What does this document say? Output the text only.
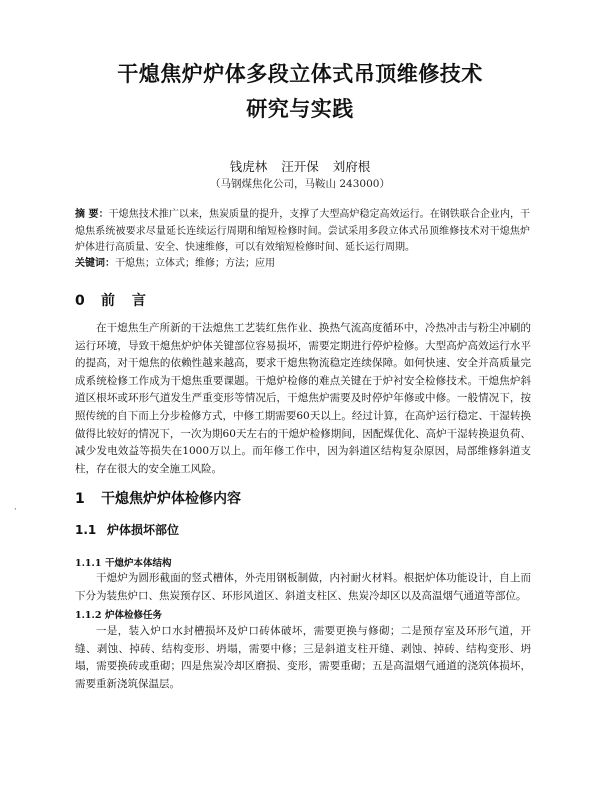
干熄焦炉炉体多段立体式吊顶维修技术
研究与实践
钱虎林 汪开保 刘府根
（马钢煤焦化公司，马鞍山 243000）
摘 要：干熄焦技术推广以来，焦炭质量的提升，支撑了大型高炉稳定高效运行。在钢铁联合企业内，干熄焦系统被要求尽量延长连续运行周期和缩短检修时间。尝试采用多段立体式吊顶维修技术对干熄焦炉炉体进行高质量、安全、快速维修，可以有效缩短检修时间、延长运行周期。
关键词：干熄焦；立体式；维修；方法；应用
0 前 言
在干熄焦生产所新的干法熄焦工艺装红焦作业、换热气流高度循环中，冷热冲击与粉尘冲刷的运行环境，导致干熄焦炉炉体关键部位容易损坏，需要定期进行停炉检修。大型高炉高效运行水平的提高，对干熄焦的依赖性越来越高，要求干熄焦物流稳定连续保障。如何快速、安全并高质量完成系统检修工作成为干熄焦重要课题。干熄炉检修的难点关键在于炉衬安全检修技术。干熄焦炉斜道区根坏或环形气道发生严重变形等情况后，干熄焦炉需要及时停炉年修或中修。一般情况下，按照传统的自下而上分步检修方式，中修工期需要60天以上。经过计算，在高炉运行稳定、干湿转换做得比较好的情况下，一次为期60天左右的干熄炉检修期间，因配煤优化、高炉干湿转换退负荷、减少发电效益等损失在1000万以上。而年修工作中，因为斜道区结构复杂原因，局部维修斜道支柱，存在很大的安全施工风险。
·
1 干熄焦炉炉体检修内容
1.1 炉体损坏部位
1.1.1 干熄炉本体结构
干熄炉为圆形截面的竖式槽体，外壳用钢板制做，内衬耐火材料。根据炉体功能设计，自上而下分为装焦炉口、焦炭预存区、环形风道区、斜道支柱区、焦炭冷却区以及高温烟气通道等部位。
1.1.2 炉体检修任务
一是，装入炉口水封槽损坏及炉口砖体破坏，需要更换与修砌；二是预存室及环形气道，开缝、剥蚀、掉砖、结构变形、坍塌，需要中修；三是斜道支柱开缝、剥蚀、掉砖、结构变形、坍塌，需要换砖或重砌；四是焦炭冷却区磨损、变形，需要重砌；五是高温烟气通道的浇筑体损坏，需要重新浇筑保温层。
